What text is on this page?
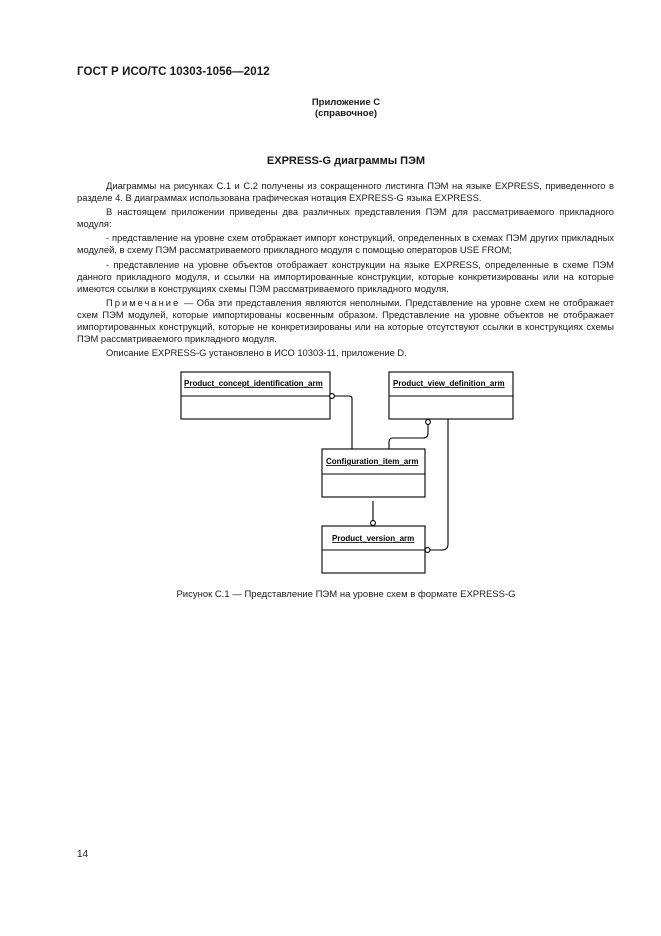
ГОСТ Р ИСО/ТС 10303-1056—2012
Приложение С
(справочное)
EXPRESS-G диаграммы ПЭМ

Диаграммы на рисунках С.1 и С.2 получены из сокращенного листинга ПЭМ на языке EXPRESS, приведенного в разделе 4. В диаграммах использована графическая нотация EXPRESS-G языка EXPRESS.

В настоящем приложении приведены два различных представления ПЭМ для рассматриваемого прикладного модуля:

- представление на уровне схем отображает импорт конструкций, определенных в схемах ПЭМ других прикладных модулей, в схему ПЭМ рассматриваемого прикладного модуля с помощью операторов USE FROM;

- представление на уровне объектов отображает конструкции на языке EXPRESS, определенные в схеме ПЭМ данного прикладного модуля, и ссылки на импортированные конструкции, которые конкретизированы или на которые имеются ссылки в конструкциях схемы ПЭМ рассматриваемого прикладного модуля.

Примечание — Оба эти представления являются неполными. Представление на уровне схем не отображает схем ПЭМ модулей, которые импортированы косвенным образом. Представление на уровне объектов не отображает импортированных конструкций, которые не конкретизированы или на которые отсутствуют ссылки в конструкциях схемы ПЭМ рассматриваемого прикладного модуля.

Описание EXPRESS-G установлено в ИСО 10303-11, приложение D.

Product_concept_identification_arm	Product_view_definition_arm
Configuration_item_arm
Product_version_arm
Рисунок С.1 — Представление ПЭМ на уровне схем в формате EXPRESS-G
14
